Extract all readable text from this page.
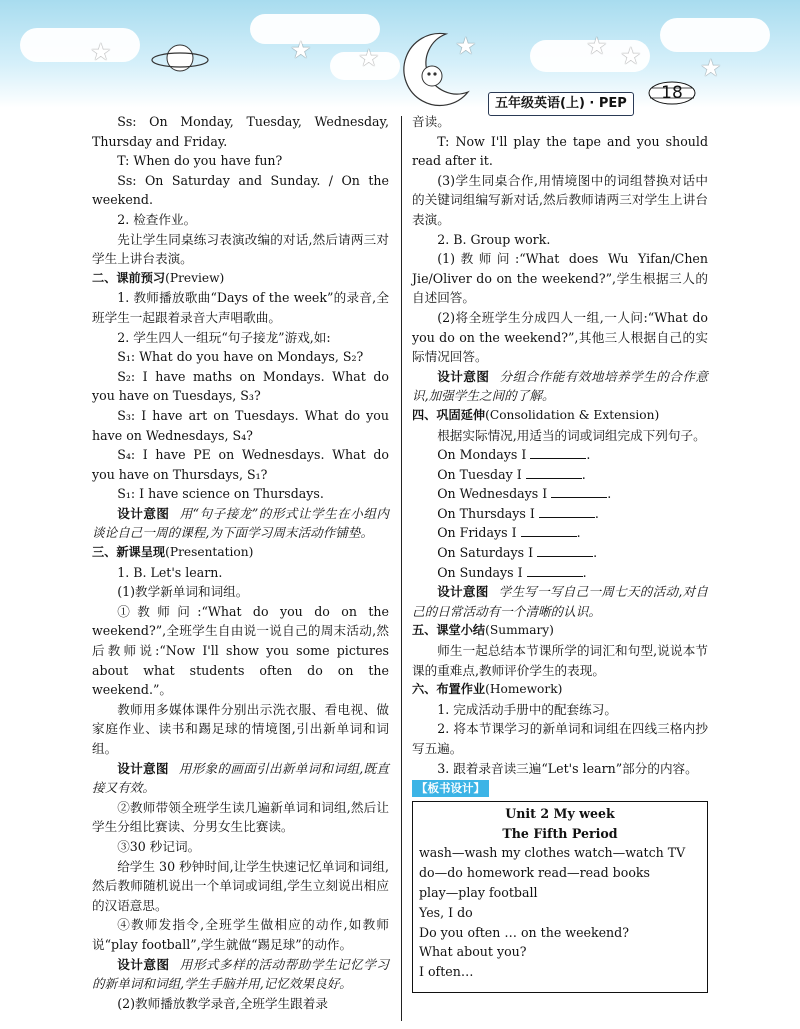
★	★ ★	★	★ ★ ★
五年级英语(上) · PEP
18

Ss: On Monday, Tuesday, Wednesday, Thursday and Friday.

T: When do you have fun?

Ss: On Saturday and Sunday. / On the weekend.

2. 检查作业。

先让学生同桌练习表演改编的对话,然后请两三对学生上讲台表演。

二、课前预习(Preview)

1. 教师播放歌曲“Days of the week”的录音,全班学生一起跟着录音大声唱歌曲。

2. 学生四人一组玩“句子接龙”游戏,如:

S₁: What do you have on Mondays, S₂?

S₂: I have maths on Mondays. What do you have on Tuesdays, S₃?

S₃: I have art on Tuesdays. What do you have on Wednesdays, S₄?

S₄: I have PE on Wednesdays. What do you have on Thursdays, S₁?

S₁: I have science on Thursdays.

设计意图 用“句子接龙”的形式让学生在小组内谈论自己一周的课程,为下面学习周末活动作铺垫。

三、新课呈现(Presentation)

1. B. Let's learn.

(1)教学新单词和词组。

①教师问:“What do you do on the weekend?”,全班学生自由说一说自己的周末活动,然后教师说:“Now I'll show you some pictures about what students often do on the weekend.”。

教师用多媒体课件分别出示洗衣服、看电视、做家庭作业、读书和踢足球的情境图,引出新单词和词组。

设计意图 用形象的画面引出新单词和词组,既直接又有效。

②教师带领全班学生读几遍新单词和词组,然后让学生分组比赛读、分男女生比赛读。

③30 秒记词。

给学生 30 秒钟时间,让学生快速记忆单词和词组,然后教师随机说出一个单词或词组,学生立刻说出相应的汉语意思。

④教师发指令,全班学生做相应的动作,如教师说“play football”,学生就做“踢足球”的动作。

设计意图 用形式多样的活动帮助学生记忆学习的新单词和词组,学生手脑并用,记忆效果良好。

(2)教师播放教学录音,全班学生跟着录

音读。

T: Now I'll play the tape and you should read after it.

(3)学生同桌合作,用情境图中的词组替换对话中的关键词组编写新对话,然后教师请两三对学生上讲台表演。

2. B. Group work.

(1)教师问:“What does Wu Yifan/Chen Jie/Oliver do on the weekend?”,学生根据三人的自述回答。

(2)将全班学生分成四人一组,一人问:“What do you do on the weekend?”,其他三人根据自己的实际情况回答。

设计意图 分组合作能有效地培养学生的合作意识,加强学生之间的了解。

四、巩固延伸(Consolidation & Extension)

根据实际情况,用适当的词或词组完成下列句子。

On Mondays I	.

On Tuesday I	.

On Wednesdays I	.

On Thursdays I	.

On Fridays I	.

On Saturdays I	.

On Sundays I	.

设计意图 学生写一写自己一周七天的活动,对自己的日常活动有一个清晰的认识。

五、课堂小结(Summary)

师生一起总结本节课所学的词汇和句型,说说本节课的重难点,教师评价学生的表现。

六、布置作业(Homework)

1. 完成活动手册中的配套练习。

2. 将本节课学习的新单词和词组在四线三格内抄写五遍。

3. 跟着录音读三遍“Let's learn”部分的内容。

【板书设计】

Unit 2 My week

The Fifth Period

wash—wash my clothes watch—watch TV

do—do homework read—read books

play—play football

Yes, I do

Do you often … on the weekend?

What about you?

I often…
